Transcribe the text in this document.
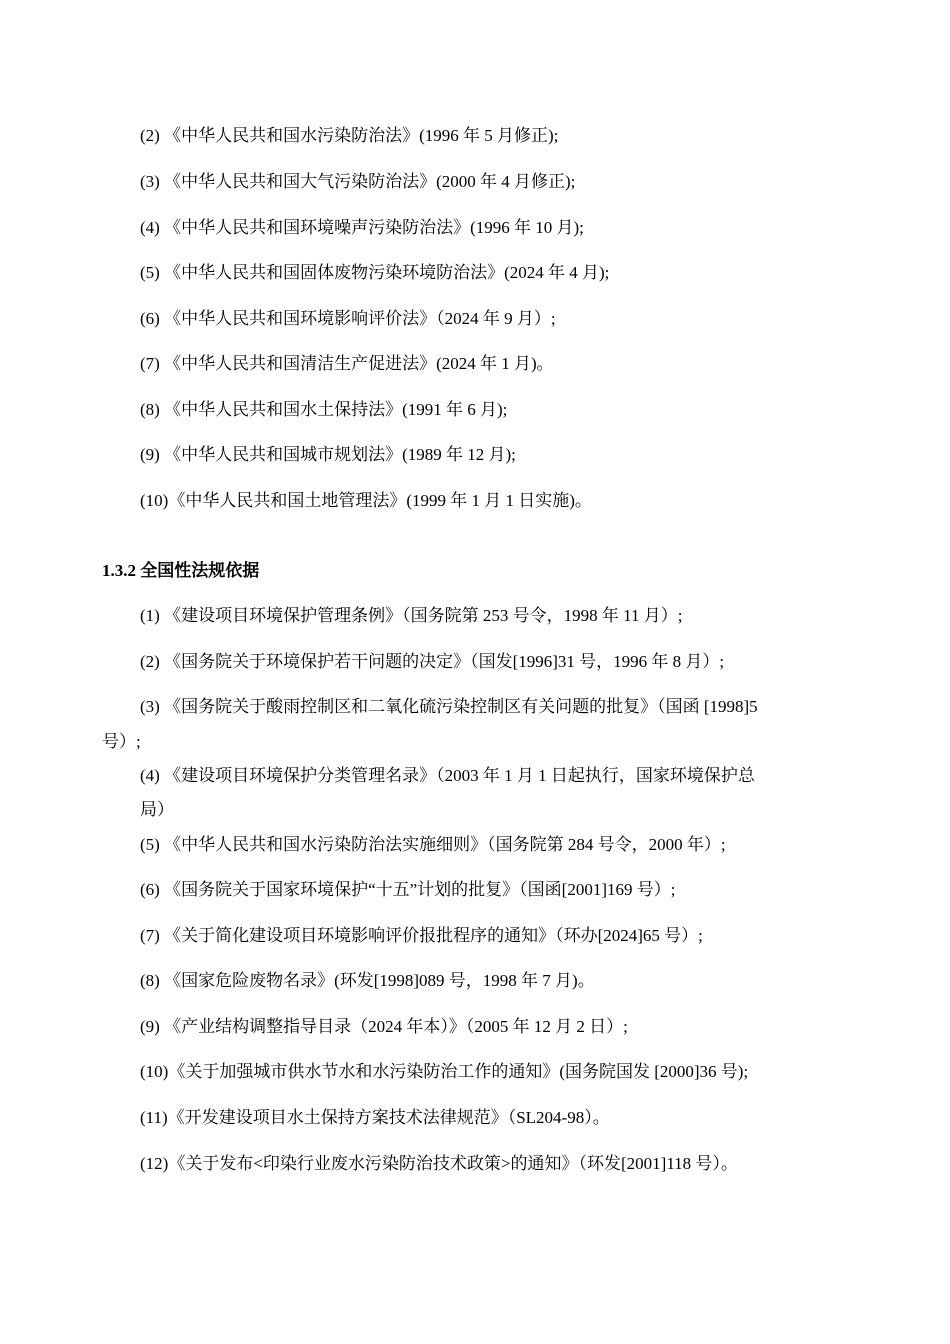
(2) 《中华人民共和国水污染防治法》(1996 年 5 月修正);
(3) 《中华人民共和国大气污染防治法》(2000 年 4 月修正);
(4) 《中华人民共和国环境噪声污染防治法》(1996 年 10 月);
(5) 《中华人民共和国固体废物污染环境防治法》(2024 年 4 月);
(6) 《中华人民共和国环境影响评价法》（2024 年 9 月）;
(7) 《中华人民共和国清洁生产促进法》(2024 年 1 月)。
(8) 《中华人民共和国水土保持法》(1991 年 6 月);
(9) 《中华人民共和国城市规划法》(1989 年 12 月);
(10)《中华人民共和国土地管理法》(1999 年 1 月 1 日实施)。
1.3.2 全国性法规依据
(1) 《建设项目环境保护管理条例》（国务院第 253 号令，1998 年 11 月）;
(2) 《国务院关于环境保护若干问题的决定》（国发[1996]31 号，1996 年 8 月）;
(3) 《国务院关于酸雨控制区和二氧化硫污染控制区有关问题的批复》（国函 [1998]5
号）;
(4) 《建设项目环境保护分类管理名录》（2003 年 1 月 1 日起执行，国家环境保护总
局）
(5) 《中华人民共和国水污染防治法实施细则》（国务院第 284 号令，2000 年）;
(6) 《国务院关于国家环境保护“十五”计划的批复》（国函[2001]169 号）;
(7) 《关于简化建设项目环境影响评价报批程序的通知》（环办[2024]65 号）;
(8) 《国家危险废物名录》(环发[1998]089 号，1998 年 7 月)。
(9) 《产业结构调整指导目录（2024 年本）》（2005 年 12 月 2 日）;
(10)《关于加强城市供水节水和水污染防治工作的通知》(国务院国发 [2000]36 号);
(11)《开发建设项目水土保持方案技术法律规范》（SL204-98）。
(12)《关于发布<印染行业废水污染防治技术政策>的通知》（环发[2001]118 号）。
